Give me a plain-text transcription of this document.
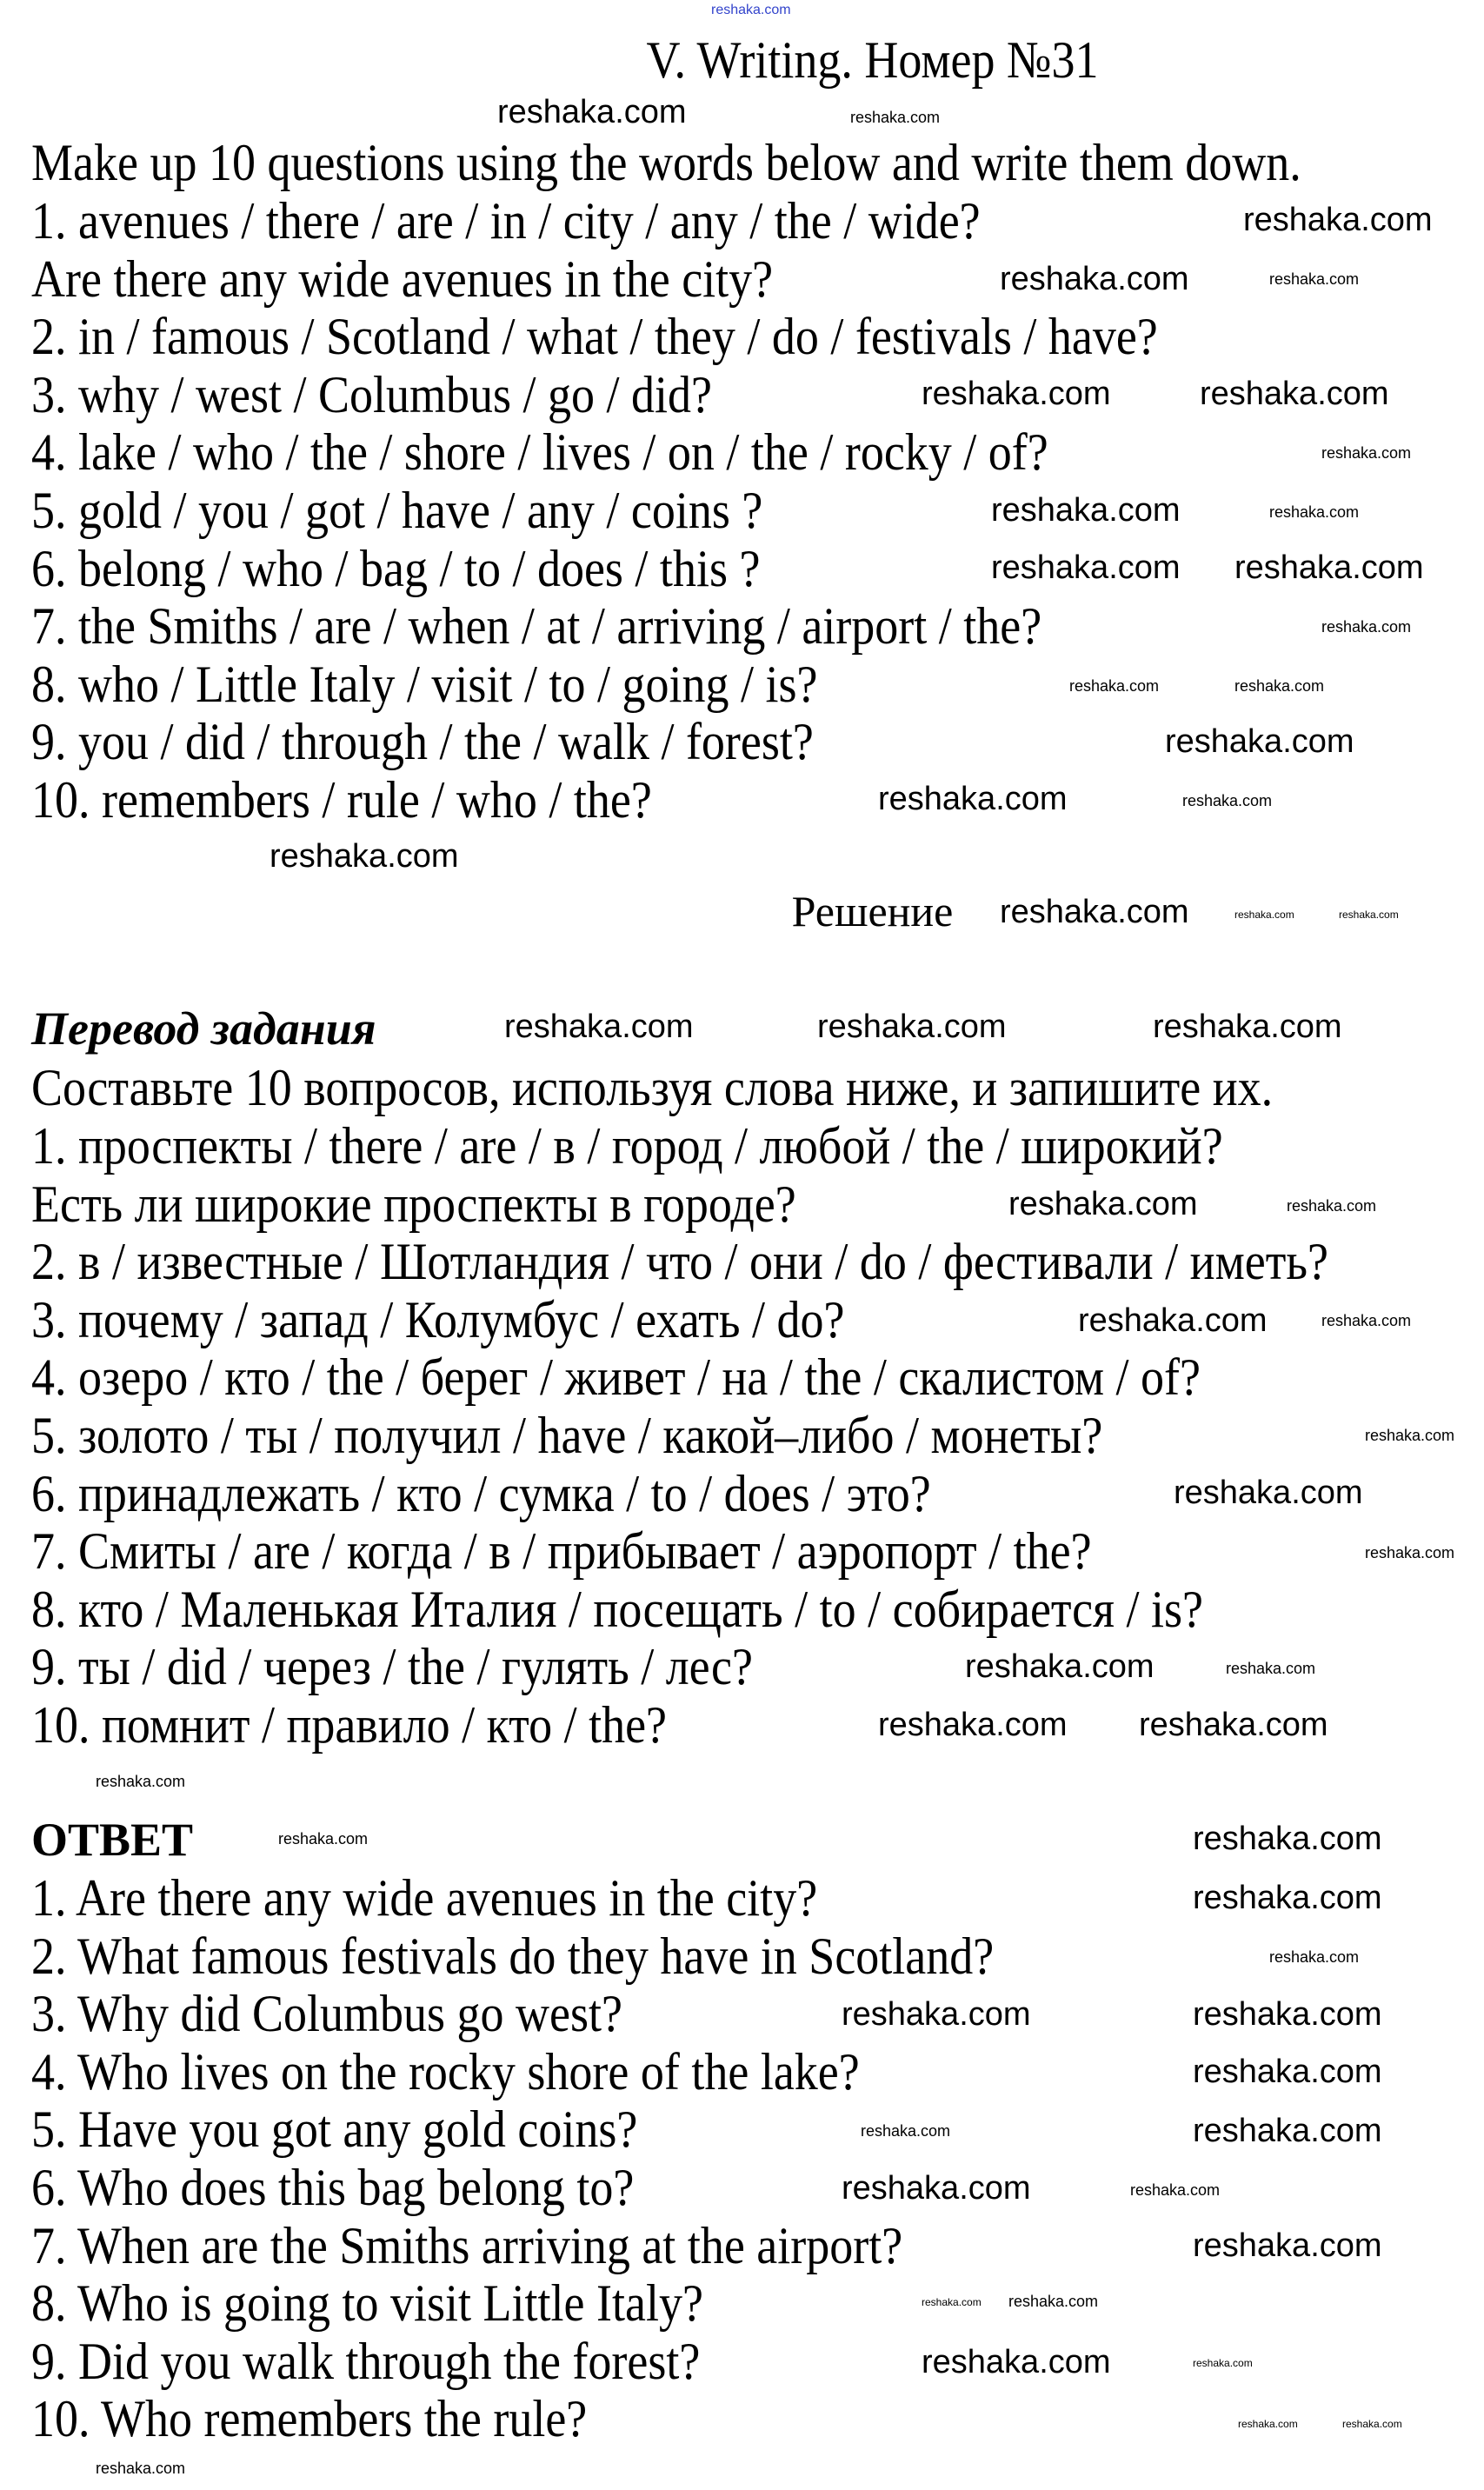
V. Writing. Номер №31
Make up 10 questions using the words below and write them down.
1. avenues / there / are / in / city / any / the / wide?
Are there any wide avenues in the city?
2. in / famous / Scotland / what / they / do / festivals / have?
3. why / west / Columbus / go / did?
4. lake / who / the / shore / lives / on / the / rocky / of?
5. gold / you / got / have / any / coins ?
6. belong / who / bag / to / does / this ?
7. the Smiths / are / when / at / arriving / airport / the?
8. who / Little Italy / visit / to / going / is?
9. you / did / through / the / walk / forest?
10. remembers / rule / who / the?
Решение
Перевод задания
Составьте 10 вопросов, используя слова ниже, и запишите их.
1. проспекты / there / are / в / город / любой / the / широкий?
Есть ли широкие проспекты в городе?
2. в / известные / Шотландия / что / они / do / фестивали / иметь?
3. почему / запад / Колумбус / ехать / do?
4. озеро / кто / the / берег / живет / на / the / скалистом / of?
5. золото / ты / получил / have / какой–либо / монеты?
6. принадлежать / кто / сумка / to / does / это?
7. Смиты / are / когда / в / прибывает / аэропорт / the?
8. кто / Маленькая Италия / посещать / to / собирается / is?
9. ты / did / через / the / гулять / лес?
10. помнит / правило / кто / the?
ОТВЕТ
1. Are there any wide avenues in the city?
2. What famous festivals do they have in Scotland?
3. Why did Columbus go west?
4. Who lives on the rocky shore of the lake?
5. Have you got any gold coins?
6. Who does this bag belong to?
7. When are the Smiths arriving at the airport?
8. Who is going to visit Little Italy?
9. Did you walk through the forest?
10. Who remembers the rule?
reshaka.com
reshaka.com	reshaka.com
reshaka.com
reshaka.com	reshaka.com
reshaka.com	reshaka.com
reshaka.com
reshaka.com	reshaka.com
reshaka.com reshaka.com
reshaka.com
reshaka.com	reshaka.com
reshaka.com
reshaka.com	reshaka.com
reshaka.com
reshaka.com	reshaka.com	reshaka.com
reshaka.com	reshaka.com	reshaka.com
reshaka.com	reshaka.com
reshaka.com	reshaka.com
reshaka.com
reshaka.com
reshaka.com
reshaka.com	reshaka.com
reshaka.com reshaka.com
reshaka.com
reshaka.com	reshaka.com
reshaka.com
reshaka.com
reshaka.com	reshaka.com
reshaka.com
reshaka.com	reshaka.com
reshaka.com	reshaka.com
reshaka.com
reshaka.com reshaka.com
reshaka.com	reshaka.com
reshaka.com
reshaka.com	reshaka.com
